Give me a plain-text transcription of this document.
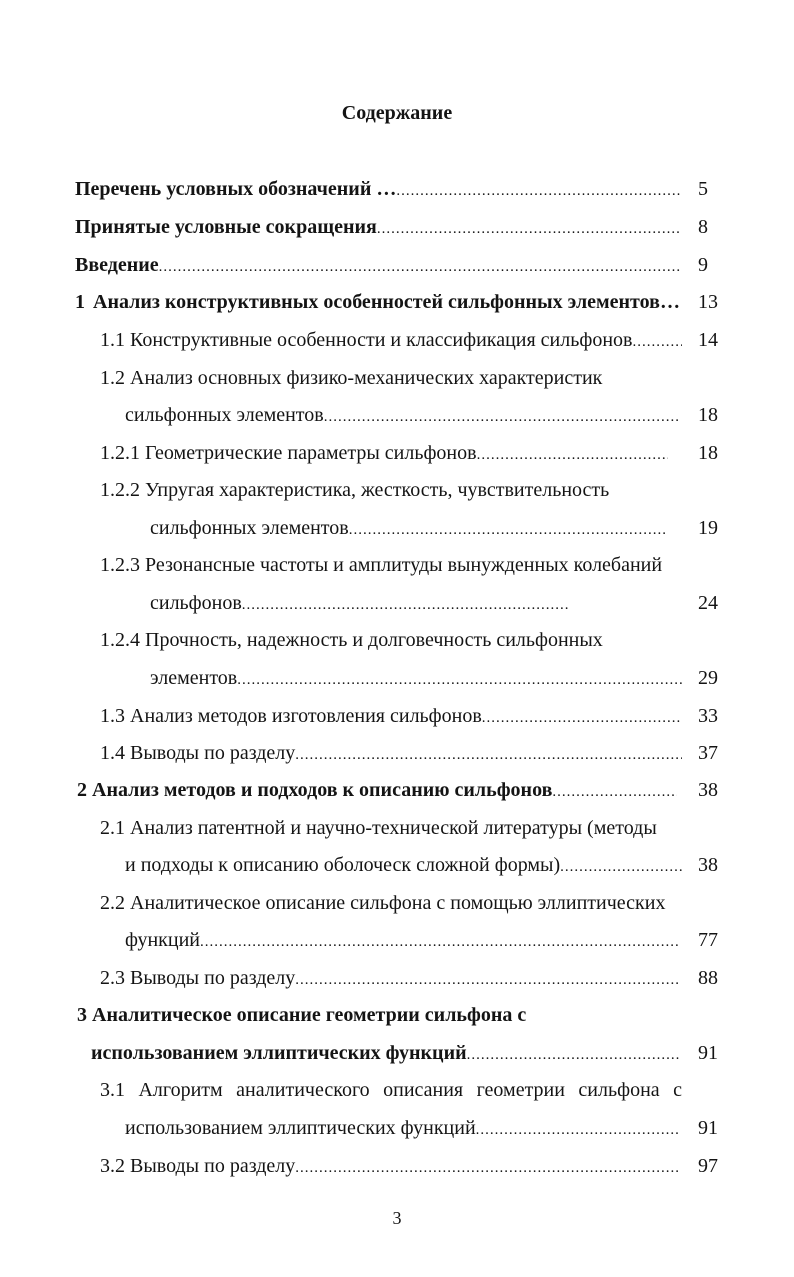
Содержание
Перечень условных обозначений … .....	5
Принятые условные сокращения .....	8
Введение .....	9
1 Анализ конструктивных особенностей сильфонных элементов… 13
1.1 Конструктивные особенности и классификация сильфонов .....	14
1.2 Анализ основных физико-механических характеристик
сильфонных элементов .....	18
1.2.1 Геометрические параметры сильфонов .....	18
1.2.2 Упругая характеристика, жесткость, чувствительность
сильфонных элементов .....	19
1.2.3 Резонансные частоты и амплитуды вынужденных колебаний
сильфонов .....	24
1.2.4 Прочность, надежность и долговечность сильфонных
элементов .....	29
1.3 Анализ методов изготовления сильфонов .....	33
1.4 Выводы по разделу .....	37
2 Анализ методов и подходов к описанию сильфонов .....	38
2.1 Анализ патентной и научно-технической литературы (методы
и подходы к описанию оболоческ сложной формы) .....	38
2.2 Аналитическое описание сильфона с помощью эллиптических
функций .....	77
2.3 Выводы по разделу .....	88
3 Аналитическое описание геометрии сильфона с
использованием эллиптических функций .....	91
3.1 Алгоритм аналитического описания геометрии сильфона с
использованием эллиптических функций .....	91
3.2 Выводы по разделу .....	97
3
